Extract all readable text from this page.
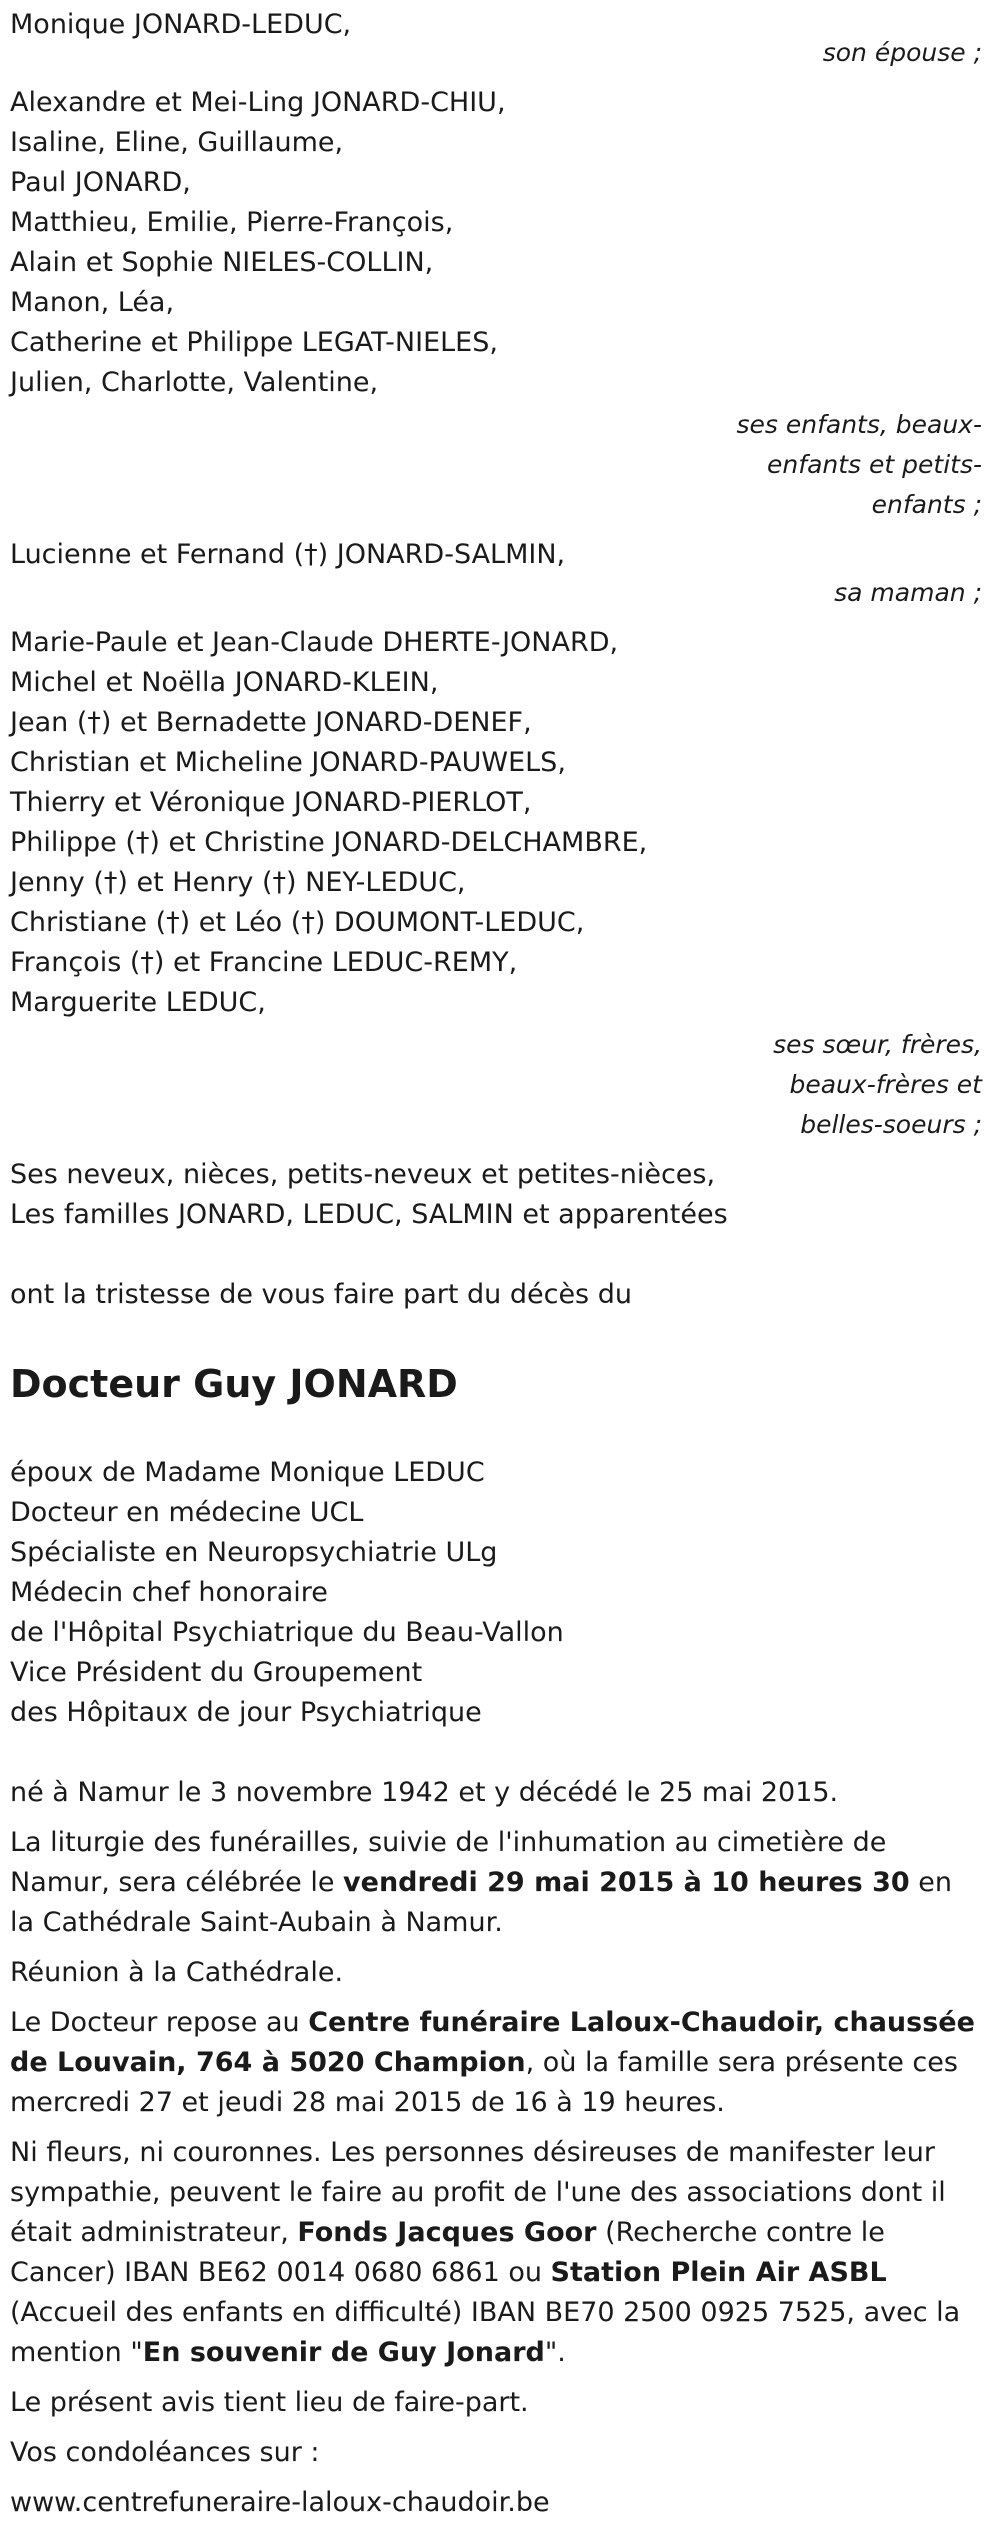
Monique JONARD-LEDUC,
son épouse ;
Alexandre et Mei-Ling JONARD-CHIU,
Isaline, Eline, Guillaume,
Paul JONARD,
Matthieu, Emilie, Pierre-François,
Alain et Sophie NIELES-COLLIN,
Manon, Léa,
Catherine et Philippe LEGAT-NIELES,
Julien, Charlotte, Valentine,
ses enfants, beaux-enfants et petits-enfants ;
Lucienne et Fernand (†) JONARD-SALMIN,
sa maman ;
Marie-Paule et Jean-Claude DHERTE-JONARD,
Michel et Noëlla JONARD-KLEIN,
Jean (†) et Bernadette JONARD-DENEF,
Christian et Micheline JONARD-PAUWELS,
Thierry et Véronique JONARD-PIERLOT,
Philippe (†) et Christine JONARD-DELCHAMBRE,
Jenny (†) et Henry (†) NEY-LEDUC,
Christiane (†) et Léo (†) DOUMONT-LEDUC,
François (†) et Francine LEDUC-REMY,
Marguerite LEDUC,
ses sœur, frères, beaux-frères et belles-soeurs ;
Ses neveux, nièces, petits-neveux et petites-nièces,
Les familles JONARD, LEDUC, SALMIN et apparentées
ont la tristesse de vous faire part du décès du
Docteur Guy JONARD
époux de Madame Monique LEDUC
Docteur en médecine UCL
Spécialiste en Neuropsychiatrie ULg
Médecin chef honoraire
de l'Hôpital Psychiatrique du Beau-Vallon
Vice Président du Groupement
des Hôpitaux de jour Psychiatrique
né à Namur le 3 novembre 1942 et y décédé le 25 mai 2015.
La liturgie des funérailles, suivie de l'inhumation au cimetière de Namur, sera célébrée le vendredi 29 mai 2015 à 10 heures 30 en la Cathédrale Saint-Aubain à Namur.
Réunion à la Cathédrale.
Le Docteur repose au Centre funéraire Laloux-Chaudoir, chaussée de Louvain, 764 à 5020 Champion, où la famille sera présente ces mercredi 27 et jeudi 28 mai 2015 de 16 à 19 heures.
Ni fleurs, ni couronnes. Les personnes désireuses de manifester leur sympathie, peuvent le faire au profit de l'une des associations dont il était administrateur, Fonds Jacques Goor (Recherche contre le Cancer) IBAN BE62 0014 0680 6861 ou Station Plein Air ASBL (Accueil des enfants en difficulté) IBAN BE70 2500 0925 7525, avec la mention "En souvenir de Guy Jonard".
Le présent avis tient lieu de faire-part.
Vos condoléances sur :
www.centrefuneraire-laloux-chaudoir.be
